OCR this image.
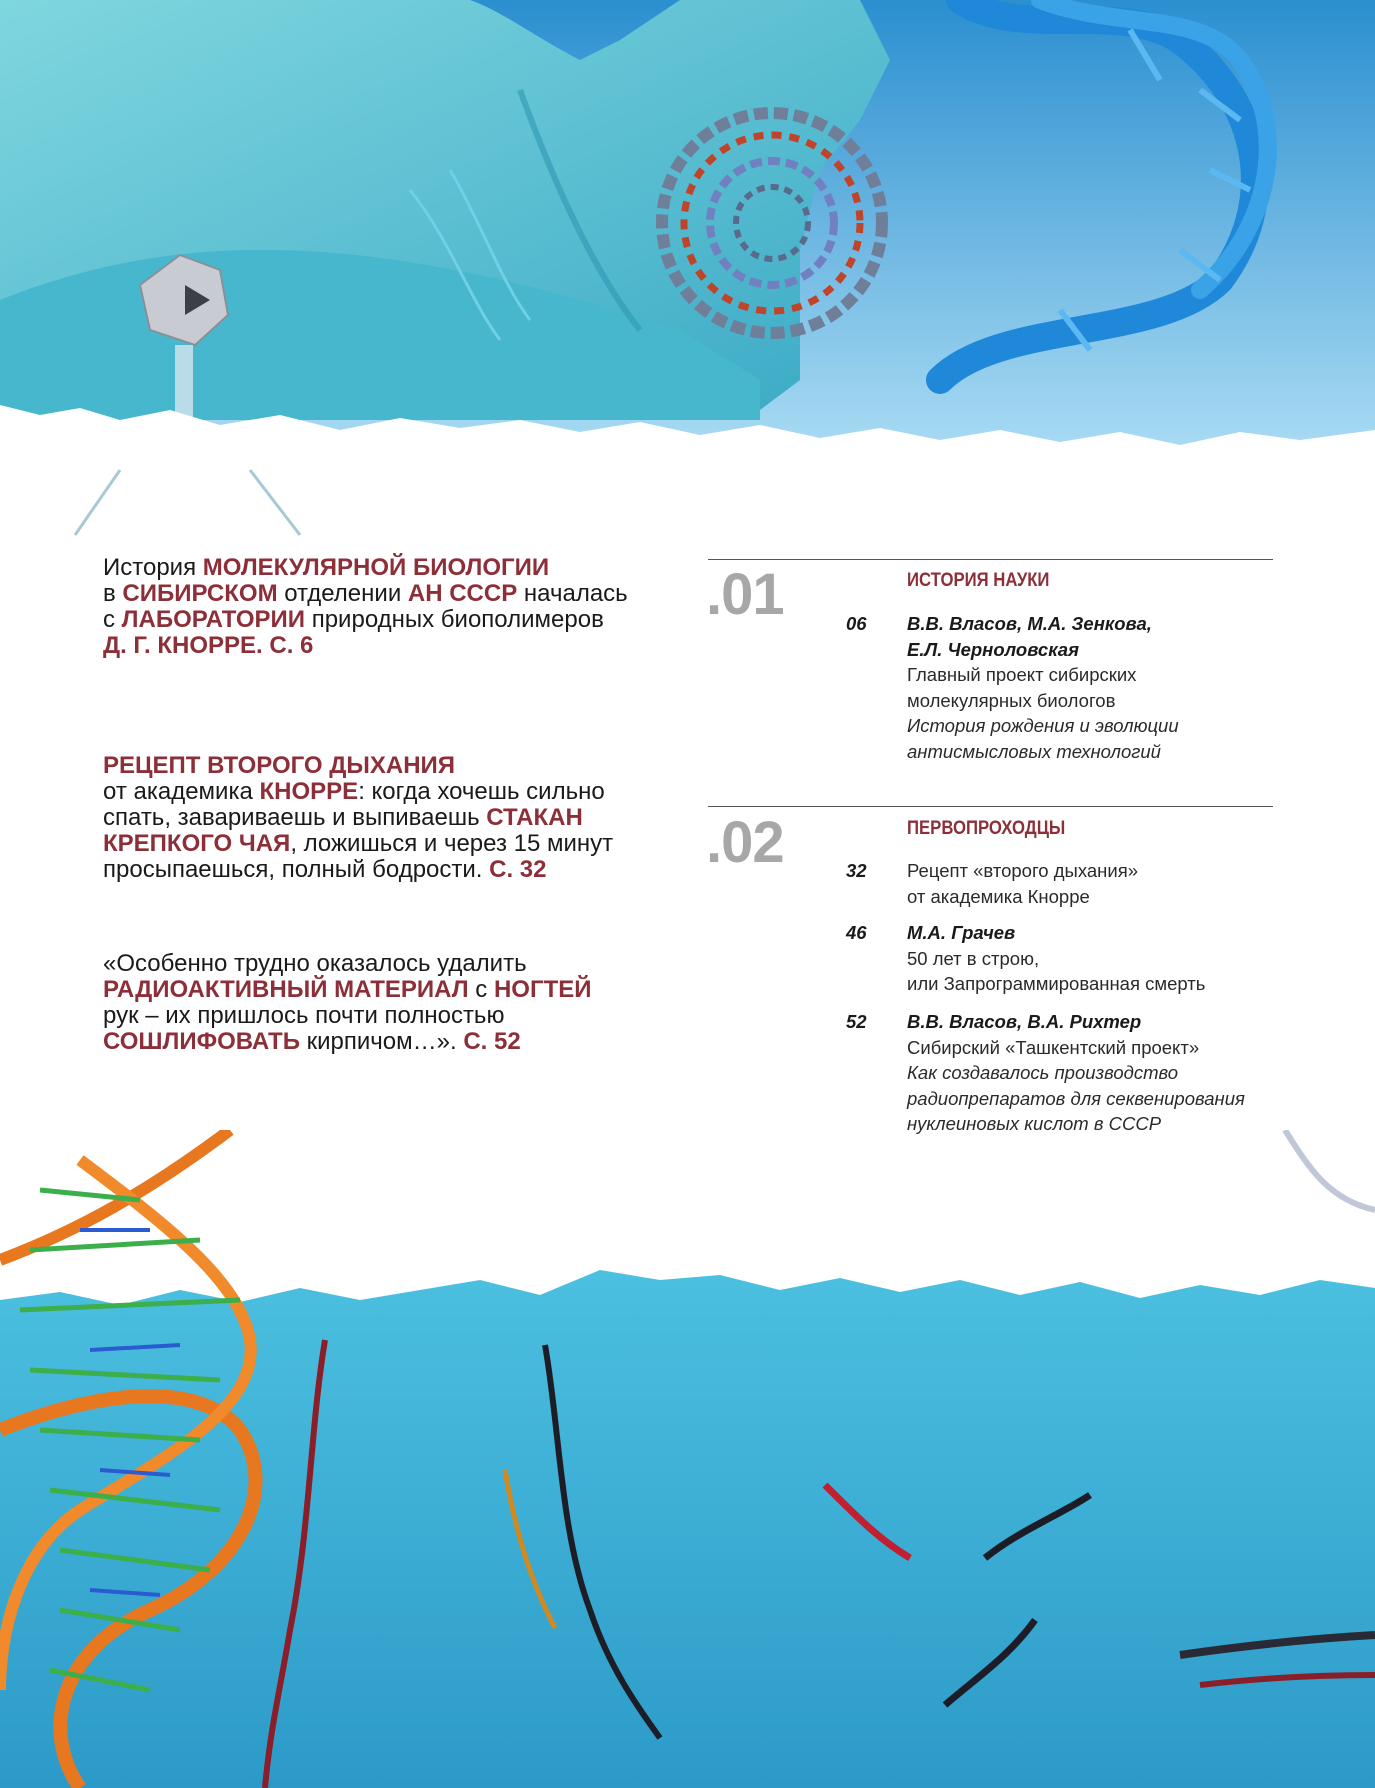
История МОЛЕКУЛЯРНОЙ БИОЛОГИИ
в СИБИРСКОМ отделении АН СССР началась
с ЛАБОРАТОРИИ природных биополимеров
Д. Г. КНОРРЕ. С. 6
РЕЦЕПТ ВТОРОГО ДЫХАНИЯ
от академика КНОРРЕ: когда хочешь сильно
спать, завариваешь и выпиваешь СТАКАН
КРЕПКОГО ЧАЯ, ложишься и через 15 минут
просыпаешься, полный бодрости. С. 32
«Особенно трудно оказалось удалить
РАДИОАКТИВНЫЙ МАТЕРИАЛ с НОГТЕЙ
рук – их пришлось почти полностью
СОШЛИФОВАТЬ кирпичом…». С. 52
.01	ИСТОРИЯ НАУКИ
06 В.В. Власов, М.А. Зенкова,
Е.Л. Черноловская
Главный проект сибирских
молекулярных биологов
История рождения и эволюции
антисмысловых технологий
.02	ПЕРВОПРОХОДЦЫ
32 Рецепт «второго дыхания»
от академика Кнорре
46 М.А. Грачев
50 лет в строю,
или Запрограммированная смерть
52 В.В. Власов, В.А. Рихтер
Сибирский «Ташкентский проект»
Как создавалось производство
радиопрепаратов для секвенирования
нуклеиновых кислот в СССР
